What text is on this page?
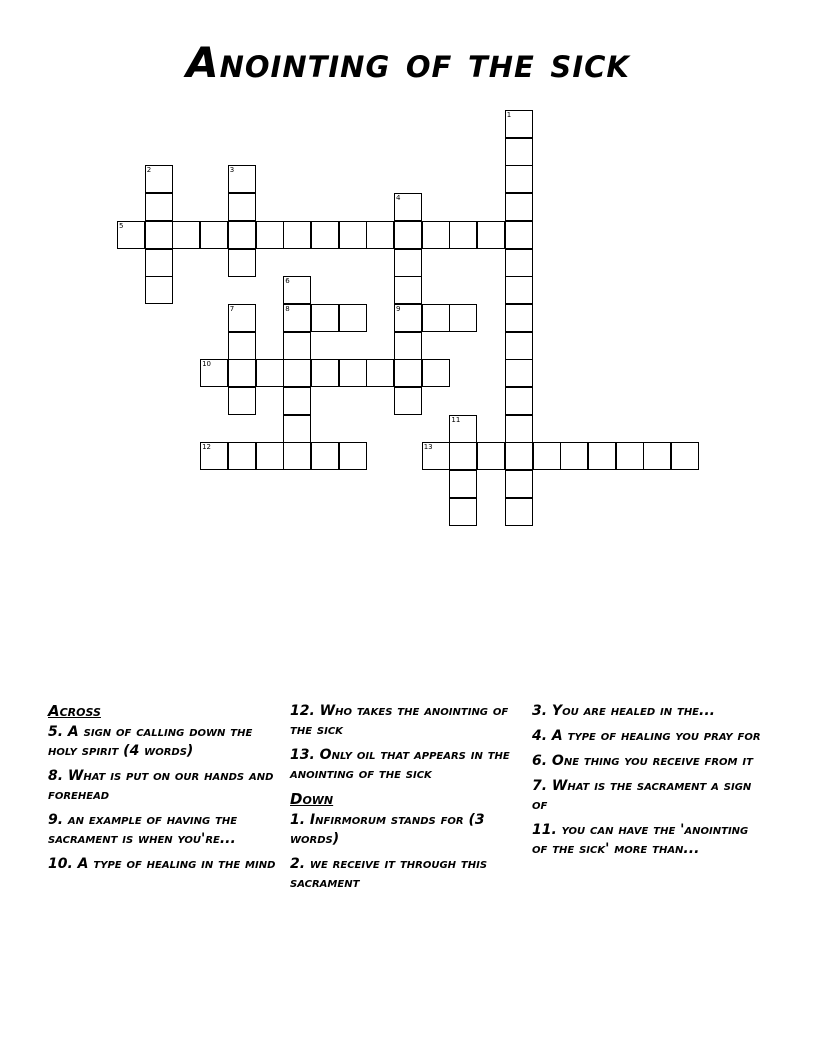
Anointing of the sick
1
2	3
4
5
6
7	8	9
10
11
12	13
Across
5. A sign of calling down the holy spirit (4 words)
8. What is put on our hands and forehead
9. an example of having the sacrament is when you're...
10. A type of healing in the mind
12. Who takes the anointing of the sick
13. Only oil that appears in the anointing of the sick
Down
1. Infirmorum stands for (3 words)
2. we receive it through this sacrament
3. You are healed in the...
4. A type of healing you pray for
6. One thing you receive from it
7. What is the sacrament a sign of
11. you can have the 'anointing of the sick' more than...
